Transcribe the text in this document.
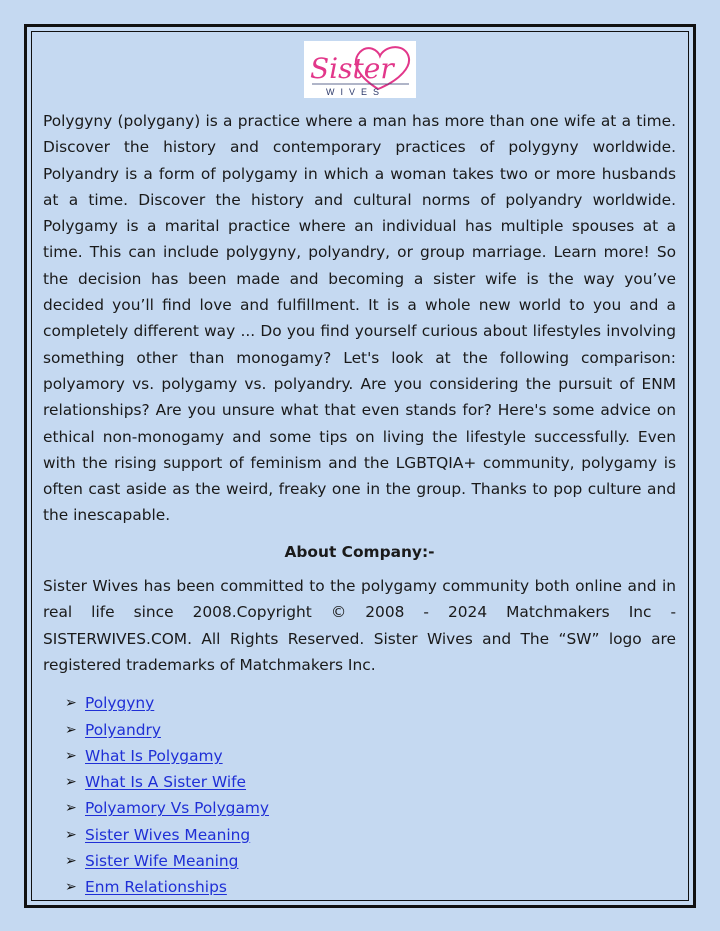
Sister
WIVES

Polygyny (polygany) is a practice where a man has more than one wife at a time. Discover the history and contemporary practices of polygyny worldwide. Polyandry is a form of polygamy in which a woman takes two or more husbands at a time. Discover the history and cultural norms of polyandry worldwide. Polygamy is a marital practice where an individual has multiple spouses at a time. This can include polygyny, polyandry, or group marriage. Learn more! So the decision has been made and becoming a sister wife is the way you’ve decided you’ll find love and fulfillment. It is a whole new world to you and a completely different way ... Do you find yourself curious about lifestyles involving something other than monogamy? Let's look at the following comparison: polyamory vs. polygamy vs. polyandry. Are you considering the pursuit of ENM relationships? Are you unsure what that even stands for? Here's some advice on ethical non-monogamy and some tips on living the lifestyle successfully. Even with the rising support of feminism and the LGBTQIA+ community, polygamy is often cast aside as the weird, freaky one in the group. Thanks to pop culture and the inescapable.

About Company:-

Sister Wives has been committed to the polygamy community both online and in real life since 2008.Copyright © 2008 - 2024 Matchmakers Inc - SISTERWIVES.COM. All Rights Reserved. Sister Wives and The “SW” logo are registered trademarks of Matchmakers Inc.

➢ Polygyny
➢ Polyandry
➢ What Is Polygamy
➢ What Is A Sister Wife
➢ Polyamory Vs Polygamy
➢ Sister Wives Meaning
➢ Sister Wife Meaning
➢ Enm Relationships
